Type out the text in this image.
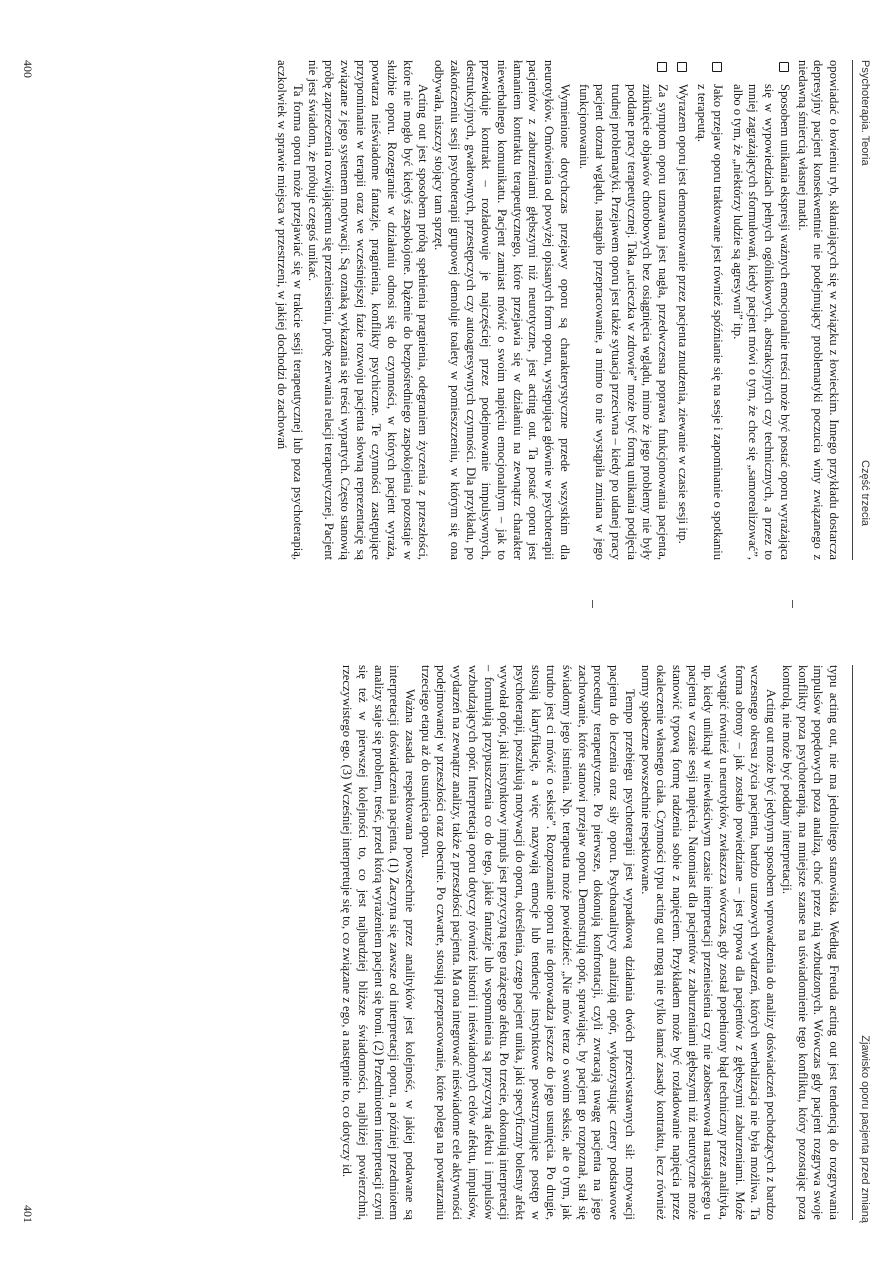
Psychoterapia. Teoria
Część trzecia

opowiadać o łowieniu ryb, skłaniających się w związku z łowieckim. Innego przykładu dostarcza depresyjny pacjent konsekwentnie nie podejmujący problematyki poczucia winy związanego z niedawną śmiercią własnej matki.

Sposobem unikania ekspresji ważnych emocjonalnie treści może być postać oporu wyrażająca się w wypowiedziach pełnych ogólnikowych, abstrakcyjnych czy technicznych, a przez to mniej zagrażających sformułowań, kiedy pacjent mówi o tym, że chce się „samorealizować”, albo o tym, że „niektórzy ludzie są agresywni” itp.
Jako przejaw oporu traktowane jest również spóźnianie się na sesje i zapominanie o spotkaniu z terapeutą.
Wyrazem oporu jest demonstrowanie przez pacjenta znudzenia, ziewanie w czasie sesji itp.
Za symptom oporu uznawana jest nagła, przedwczesna poprawa funkcjonowania pacjenta, zniknięcie objawów chorobowych bez osiągnięcia wglądu, mimo że jego problemy nie były poddane pracy terapeutycznej. Taka „ucieczka w zdrowie” może być formą unikania podjęcia trudnej problematyki. Przejawem oporu jest także sytuacja przeciwna – kiedy po udanej pracy pacjent doznał wglądu, nastąpiło przepracowanie, a mimo to nie wystąpiła zmiana w jego funkcjonowaniu.

Wymienione dotychczas przejawy oporu są charakterystyczne przede wszystkim dla neurotyków. Omówienia od powyżej opisanych form oporu, występująca głównie w psychoterapii pacjentów z zaburzeniami głębszymi niż neurotyczne, jest acting out. Ta postać oporu jest łamaniem kontraktu terapeutycznego, które przejawia się w działaniu na zewnątrz charakter niewerbalnego komunikatu. Pacjent zamiast mówić o swoim napięciu emocjonalnym – jak to przewiduje kontrakt – rozładowuje je najczęściej przez podejmowanie impulsywnych, destrukcyjnych, gwałtownych, przestępczych czy autoagresywnych czynności. Dla przykładu, po zakończeniu sesji psychoterapii grupowej demoluje toalety w pomieszczeniu, w którym się ona odbywała, niszczy stojący tam sprzęt.

Acting out jest sposobem próbą spełnienia pragnienia, odegraniem życzenia z przeszłości, które nie mogło być kiedyś zaspokojone. Dążenie do bezpośredniego zaspokojenia pozostaje w służbie oporu. Rozegranie w działaniu odnosi się do czynności, w których pacjent wyraża, powtarza nieświadome fantazje, pragnienia, konflikty psychiczne. Te czynności zastępujące przypominanie w terapii oraz we wcześniejszej fazie rozwoju pacjenta słowną reprezentację są związane z jego systemem motywacji. Są oznaką wykazania się treści wypartych. Często stanowią próbę zaprzeczenia rozwijającemu się przeniesieniu, próbę zerwania relacji terapeutycznej. Pacjent nie jest świadom, że próbuje czegoś unikać.

Ta forma oporu może przejawiać się w trakcie sesji terapeutycznej lub poza psychoterapią, aczkolwiek w sprawie miejsca w przestrzeni, w jakiej dochodzi do zachowań

400
Zjawisko oporu pacjenta przed zmianą

typu acting out, nie ma jednolitego stanowiska. Według Freuda acting out jest tendencją do rozgrywania impulsów popędowych poza analizą, choć przez nią wzbudzonych. Wówczas gdy pacjent rozgrywa swoje konflikty poza psychoterapią, ma mniejsze szanse na uświadomienie tego konfliktu, który pozostając poza kontrolą, nie może być poddany interpretacji.

Acting out może być jedynym sposobem wprowadzenia do analizy doświadczeń pochodzących z bardzo wczesnego okresu życia pacjenta, bardzo urazowych wydarzeń, których werbalizacja nie była możliwa. Ta forma obrony – jak zostało powiedziane – jest typowa dla pacjentów z głębszymi zaburzeniami. Może wystąpić również u neurotyków, zwłaszcza wówczas, gdy został popełniony błąd techniczny przez analityka, np. kiedy uniknął w niewłaściwym czasie interpretacji przeniesienia czy nie zaobserwował narastającego u pacjenta w czasie sesji napięcia. Natomiast dla pacjentów z zaburzeniami głębszymi niż neurotyczne może stanowić typową formę radzenia sobie z napięciem. Przykładem może być rozładowanie napięcia przez okaleczenie własnego ciała. Czynności typu acting out mogą nie tylko łamać zasady kontraktu, lecz również normy społeczne powszechnie respektowane.

Tempo przebiegu psychoterapii jest wypadkową działania dwóch przeciwstawnych sił: motywacji pacjenta do leczenia oraz siły oporu. Psychoanalitycy analizują opór, wykorzystując cztery podstawowe procedury terapeutyczne. Po pierwsze, dokonują konfrontacji, czyli zwracają uwagę pacjenta na jego zachowanie, które stanowi przejaw oporu. Demonstrują opór, sprawiając, by pacjent go rozpoznał, stał się świadomy jego istnienia. Np. terapeuta może powiedzieć: „Nie mów teraz o swoim seksie, ale o tym, jak trudno jest ci mówić o seksie”. Rozpoznanie oporu nie doprowadza jeszcze do jego usunięcia. Po drugie, stosują klaryfikację, a więc nazywają emocje lub tendencje instynktowe powstrzymujące postęp w psychoterapii, poszukują motywacji do oporu, określenia, czego pacjent unika, jaki specyficzny bolesny afekt wywołał opór, jaki instynktowy impuls jest przyczyną tego rażącego afektu. Po trzecie, dokonują interpretacji – formułują przypuszczenia co do tego, jakie fantazje lub wspomnienia są przyczyną afektu i impulsów wzbudzających opór. Interpretacja oporu dotyczy również historii i nieświadomych celów afektu, impulsów, wydarzeń na zewnątrz analizy, także z przeszłości pacjenta. Ma ona integrować nieświadome cele aktywności podejmowanej w przeszłości oraz obecnie. Po czwarte, stosują przepracowanie, które polega na powtarzaniu trzeciego etapu aż do usunięcia oporu.

Ważna zasada respektowana powszechnie przez analityków jest kolejność, w jakiej podawane są interpretacji doświadczenia pacjenta. (1) Zaczyna się zawsze od interpretacji oporu, a później przedmiotem analizy staje się problem, treść, przed którą wyrażeniem pacjent się broni. (2) Przedmiotem interpretacji czyni się też w pierwszej kolejności to, co jest najbardziej bliższe świadomości, najbliżej powierzchni, rzeczywistego ego. (3) Wcześniej interpretuje się to, co związane z ego, a następnie to, co dotyczy id.

401
